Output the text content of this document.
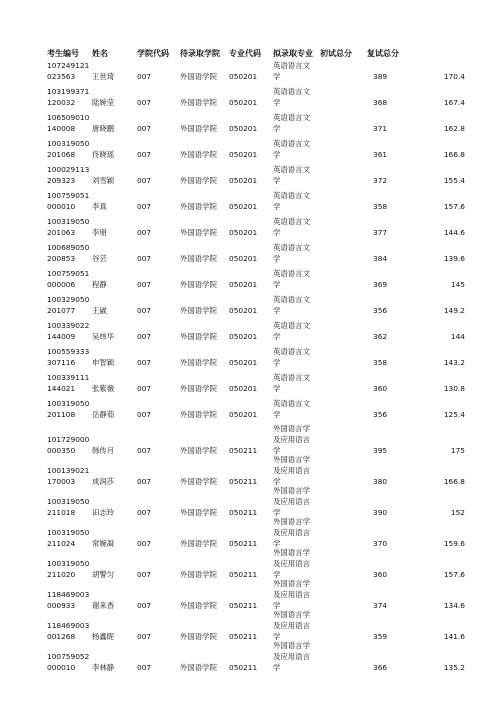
考生编号 姓名	学院代码 待录取学院 专业代码 拟录取专业 初试总分 复试总分
107249121
023563 王世琦	007	外国语学院 050201
英语语言文
学	389	170.4
103199371
120032 陆婉莹	007	外国语学院 050201
英语语言文
学	368	167.4
106509010
140008 唐晓鹏	007	外国语学院 050201
英语语言文
学	371	162.8
100319050
201068 佟晓瑶	007	外国语学院 050201
英语语言文
学	361	166.8
100029113
209323 刘雪颖	007	外国语学院 050201
英语语言文
学	372	155.4
100759051
000010 李真	007	外国语学院 050201
英语语言文
学	358	157.6
100319050
201063 李朋	007	外国语学院 050201
英语语言文
学	377	144.6
100689050
200853 谷芸	007	外国语学院 050201
英语语言文
学	384	139.6
100759051
000006 程静	007	外国语学院 050201
英语语言文
学	369	145
100329050
201077 王崴	007	外国语学院 050201
英语语言文
学	356	149.2
100339022
144009 吴炜华	007	外国语学院 050201
英语语言文
学	362	144
100559333
307116 申智颖	007	外国语学院 050201
英语语言文
学	358	143.2
100339111
144021 张紫薇	007	外国语学院 050201
英语语言文
学	360	130.8
100319050
201108 岳静茹	007	外国语学院 050201
英语语言文
学	356	125.4
101729000
000350 韩传月	007	外国语学院 050211
外国语言学
及应用语言
395	175
学
100139021
170003 成润莎	007	外国语学院 050211
外国语言学
及应用语言
380	166.8
学
100319050
211018 田志玲	007	外国语学院 050211
外国语言学
及应用语言
390	152
学
100319050
211024 常婉凝	007	外国语学院 050211
外国语言学
及应用语言
370	159.6
学
100319050
211020 胡警匀	007	外国语学院 050211
外国语言学
及应用语言
360	157.6
学
118469003
000933 谢来香	007	外国语学院 050211
外国语言学
及应用语言
374	134.6
学
118469003
001268 杨鑫昵	007	外国语学院 050211
外国语言学
及应用语言
359	141.6
学
100759052
000010 李林静	007	外国语学院 050211
外国语言学
及应用语言
366	135.2
学
